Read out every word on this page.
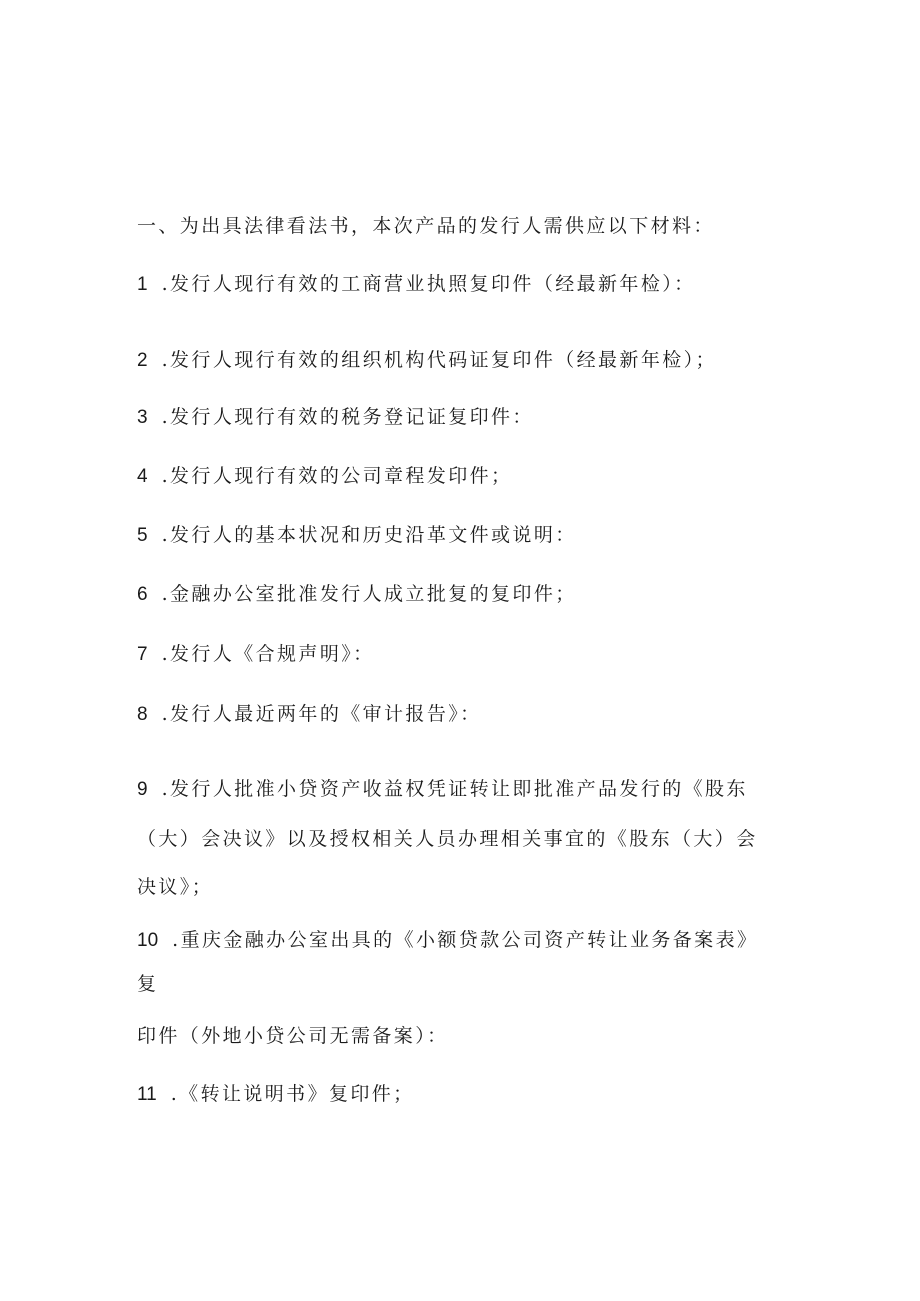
一、为出具法律看法书，本次产品的发行人需供应以下材料：
1 .发行人现行有效的工商营业执照复印件（经最新年检）：
2 .发行人现行有效的组织机构代码证复印件（经最新年检）；
3 .发行人现行有效的税务登记证复印件：
4 .发行人现行有效的公司章程发印件；
5 .发行人的基本状况和历史沿革文件或说明：
6 .金融办公室批准发行人成立批复的复印件；
7 .发行人《合规声明》：
8 .发行人最近两年的《审计报告》：
9 .发行人批准小贷资产收益权凭证转让即批准产品发行的《股东
（大）会决议》以及授权相关人员办理相关事宜的《股东（大）会
决议》；
10 .重庆金融办公室出具的《小额贷款公司资产转让业务备案表》
复
印件（外地小贷公司无需备案）：
11 .《转让说明书》复印件；
